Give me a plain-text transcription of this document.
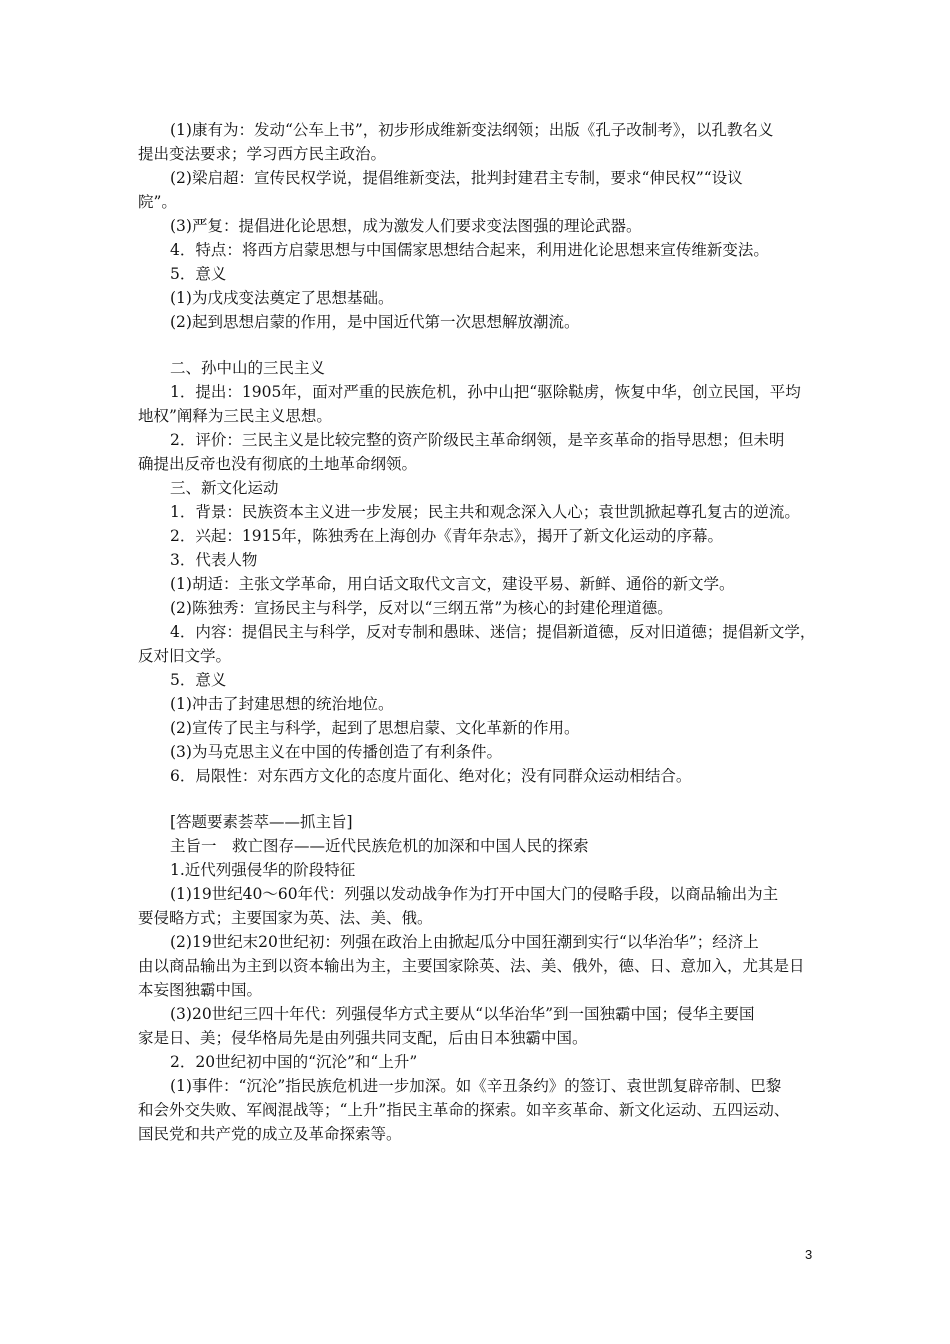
(1)康有为：发动“公车上书”，初步形成维新变法纲领；出版《孔子改制考》，以孔教名义
提出变法要求；学习西方民主政治。
(2)梁启超：宣传民权学说，提倡维新变法，批判封建君主专制，要求“伸民权”“设议
院”。
(3)严复：提倡进化论思想，成为激发人们要求变法图强的理论武器。
4．特点：将西方启蒙思想与中国儒家思想结合起来，利用进化论思想来宣传维新变法。
5．意义
(1)为戊戌变法奠定了思想基础。
(2)起到思想启蒙的作用，是中国近代第一次思想解放潮流。
二、孙中山的三民主义
1．提出：1905年，面对严重的民族危机，孙中山把“驱除鞑虏，恢复中华，创立民国，平均
地权”阐释为三民主义思想。
2．评价：三民主义是比较完整的资产阶级民主革命纲领，是辛亥革命的指导思想；但未明
确提出反帝也没有彻底的土地革命纲领。
三、新文化运动
1．背景：民族资本主义进一步发展；民主共和观念深入人心；袁世凯掀起尊孔复古的逆流。
2．兴起：1915年，陈独秀在上海创办《青年杂志》，揭开了新文化运动的序幕。
3．代表人物
(1)胡适：主张文学革命，用白话文取代文言文，建设平易、新鲜、通俗的新文学。
(2)陈独秀：宣扬民主与科学，反对以“三纲五常”为核心的封建伦理道德。
4．内容：提倡民主与科学，反对专制和愚昧、迷信；提倡新道德，反对旧道德；提倡新文学，
反对旧文学。
5．意义
(1)冲击了封建思想的统治地位。
(2)宣传了民主与科学，起到了思想启蒙、文化革新的作用。
(3)为马克思主义在中国的传播创造了有利条件。
6．局限性：对东西方文化的态度片面化、绝对化；没有同群众运动相结合。
[答题要素荟萃——抓主旨]
主旨一　救亡图存——近代民族危机的加深和中国人民的探索
1.近代列强侵华的阶段特征
(1)19世纪40～60年代：列强以发动战争作为打开中国大门的侵略手段，以商品输出为主
要侵略方式；主要国家为英、法、美、俄。
(2)19世纪末20世纪初：列强在政治上由掀起瓜分中国狂潮到实行“以华治华”；经济上
由以商品输出为主到以资本输出为主，主要国家除英、法、美、俄外，德、日、意加入，尤其是日
本妄图独霸中国。
(3)20世纪三四十年代：列强侵华方式主要从“以华治华”到一国独霸中国；侵华主要国
家是日、美；侵华格局先是由列强共同支配，后由日本独霸中国。
2．20世纪初中国的“沉沦”和“上升”
(1)事件：“沉沦”指民族危机进一步加深。如《辛丑条约》的签订、袁世凯复辟帝制、巴黎
和会外交失败、军阀混战等；“上升”指民主革命的探索。如辛亥革命、新文化运动、五四运动、
国民党和共产党的成立及革命探索等。
3
